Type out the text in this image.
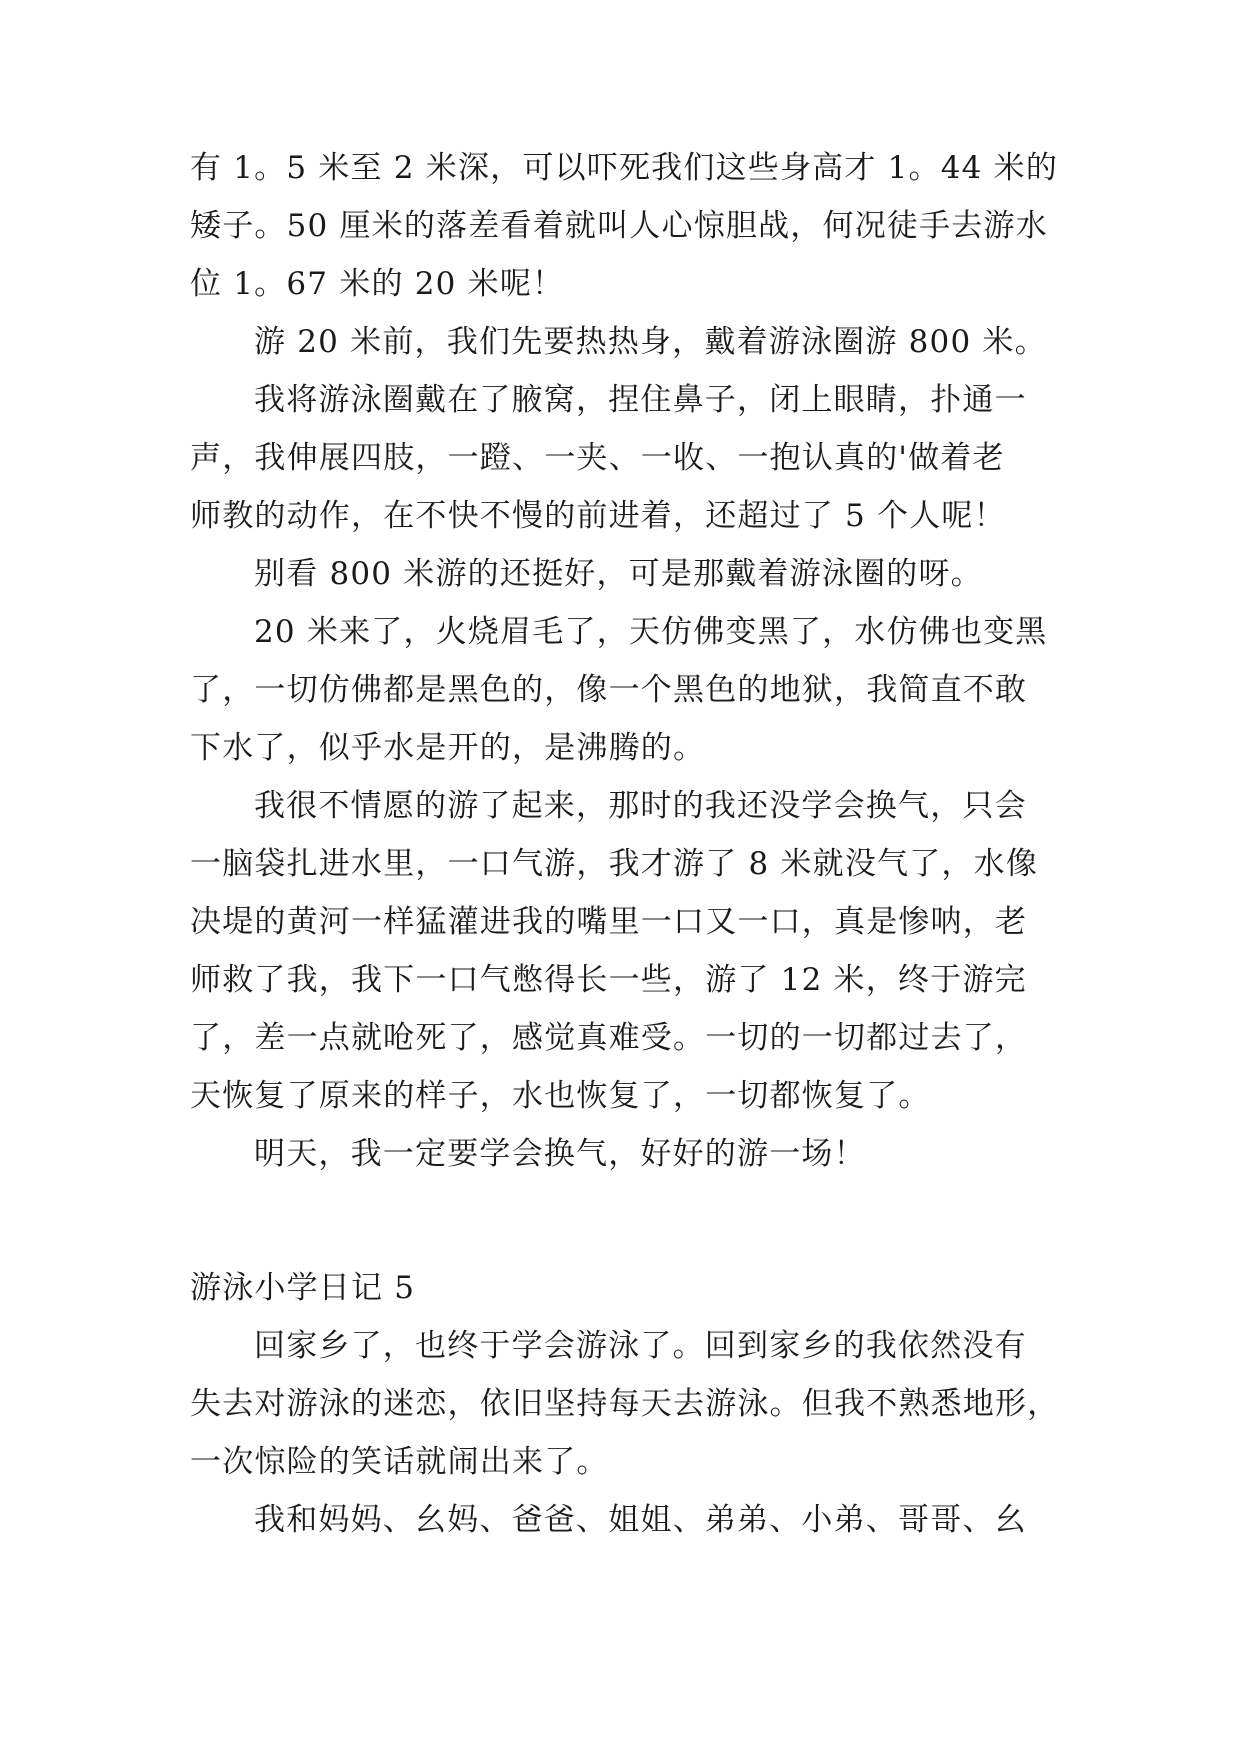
有 1。5 米至 2 米深，可以吓死我们这些身高才 1。44 米的
矮子。50 厘米的落差看着就叫人心惊胆战，何况徒手去游水
位 1。67 米的 20 米呢！
游 20 米前，我们先要热热身，戴着游泳圈游 800 米。
我将游泳圈戴在了腋窝，捏住鼻子，闭上眼睛，扑通一
声，我伸展四肢，一蹬、一夹、一收、一抱认真的'做着老
师教的动作，在不快不慢的前进着，还超过了 5 个人呢！
别看 800 米游的还挺好，可是那戴着游泳圈的呀。
20 米来了，火烧眉毛了，天仿佛变黑了，水仿佛也变黑
了，一切仿佛都是黑色的，像一个黑色的地狱，我简直不敢
下水了，似乎水是开的，是沸腾的。
我很不情愿的游了起来，那时的我还没学会换气，只会
一脑袋扎进水里，一口气游，我才游了 8 米就没气了，水像
决堤的黄河一样猛灌进我的嘴里一口又一口，真是惨呐，老
师救了我，我下一口气憋得长一些，游了 12 米，终于游完
了，差一点就呛死了，感觉真难受。一切的一切都过去了，
天恢复了原来的样子，水也恢复了，一切都恢复了。
明天，我一定要学会换气，好好的游一场！
游泳小学日记 5
回家乡了，也终于学会游泳了。回到家乡的我依然没有
失去对游泳的迷恋，依旧坚持每天去游泳。但我不熟悉地形，
一次惊险的笑话就闹出来了。
我和妈妈、幺妈、爸爸、姐姐、弟弟、小弟、哥哥、幺
